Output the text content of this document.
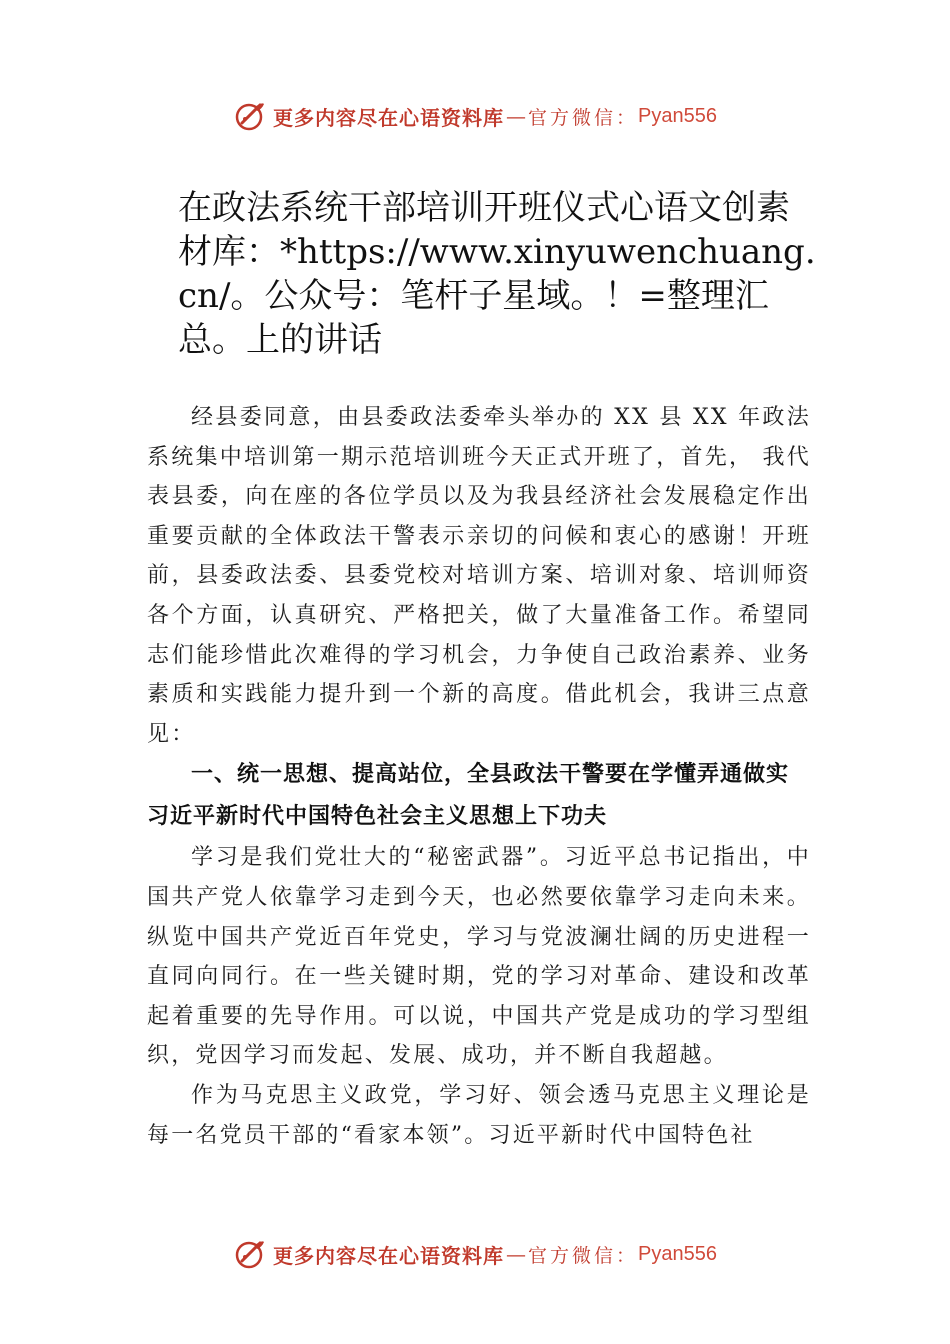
更多内容尽在心语资料库 — 官方微信： Pyan556
在政法系统干部培训开班仪式心语文创素材库：*https://www.xinyuwenchuang.cn/。公众号：笔杆子星域。！=整理汇总。上的讲话

经县委同意，由县委政法委牵头举办的 XX 县 XX 年政法系统集中培训第一期示范培训班今天正式开班了，首先， 我代表县委，向在座的各位学员以及为我县经济社会发展稳定作出重要贡献的全体政法干警表示亲切的问候和衷心的感谢！开班前，县委政法委、县委党校对培训方案、培训对象、培训师资各个方面，认真研究、严格把关，做了大量准备工作。希望同志们能珍惜此次难得的学习机会，力争使自己政治素养、业务素质和实践能力提升到一个新的高度。借此机会，我讲三点意见：

一、统一思想、提高站位，全县政法干警要在学懂弄通做实习近平新时代中国特色社会主义思想上下功夫

学习是我们党壮大的“秘密武器”。习近平总书记指出，中国共产党人依靠学习走到今天，也必然要依靠学习走向未来。纵览中国共产党近百年党史，学习与党波澜壮阔的历史进程一直同向同行。在一些关键时期，党的学习对革命、建设和改革起着重要的先导作用。可以说，中国共产党是成功的学习型组织，党因学习而发起、发展、成功，并不断自我超越。

作为马克思主义政党，学习好、领会透马克思主义理论是每一名党员干部的“看家本领”。习近平新时代中国特色社

更多内容尽在心语资料库 — 官方微信： Pyan556
